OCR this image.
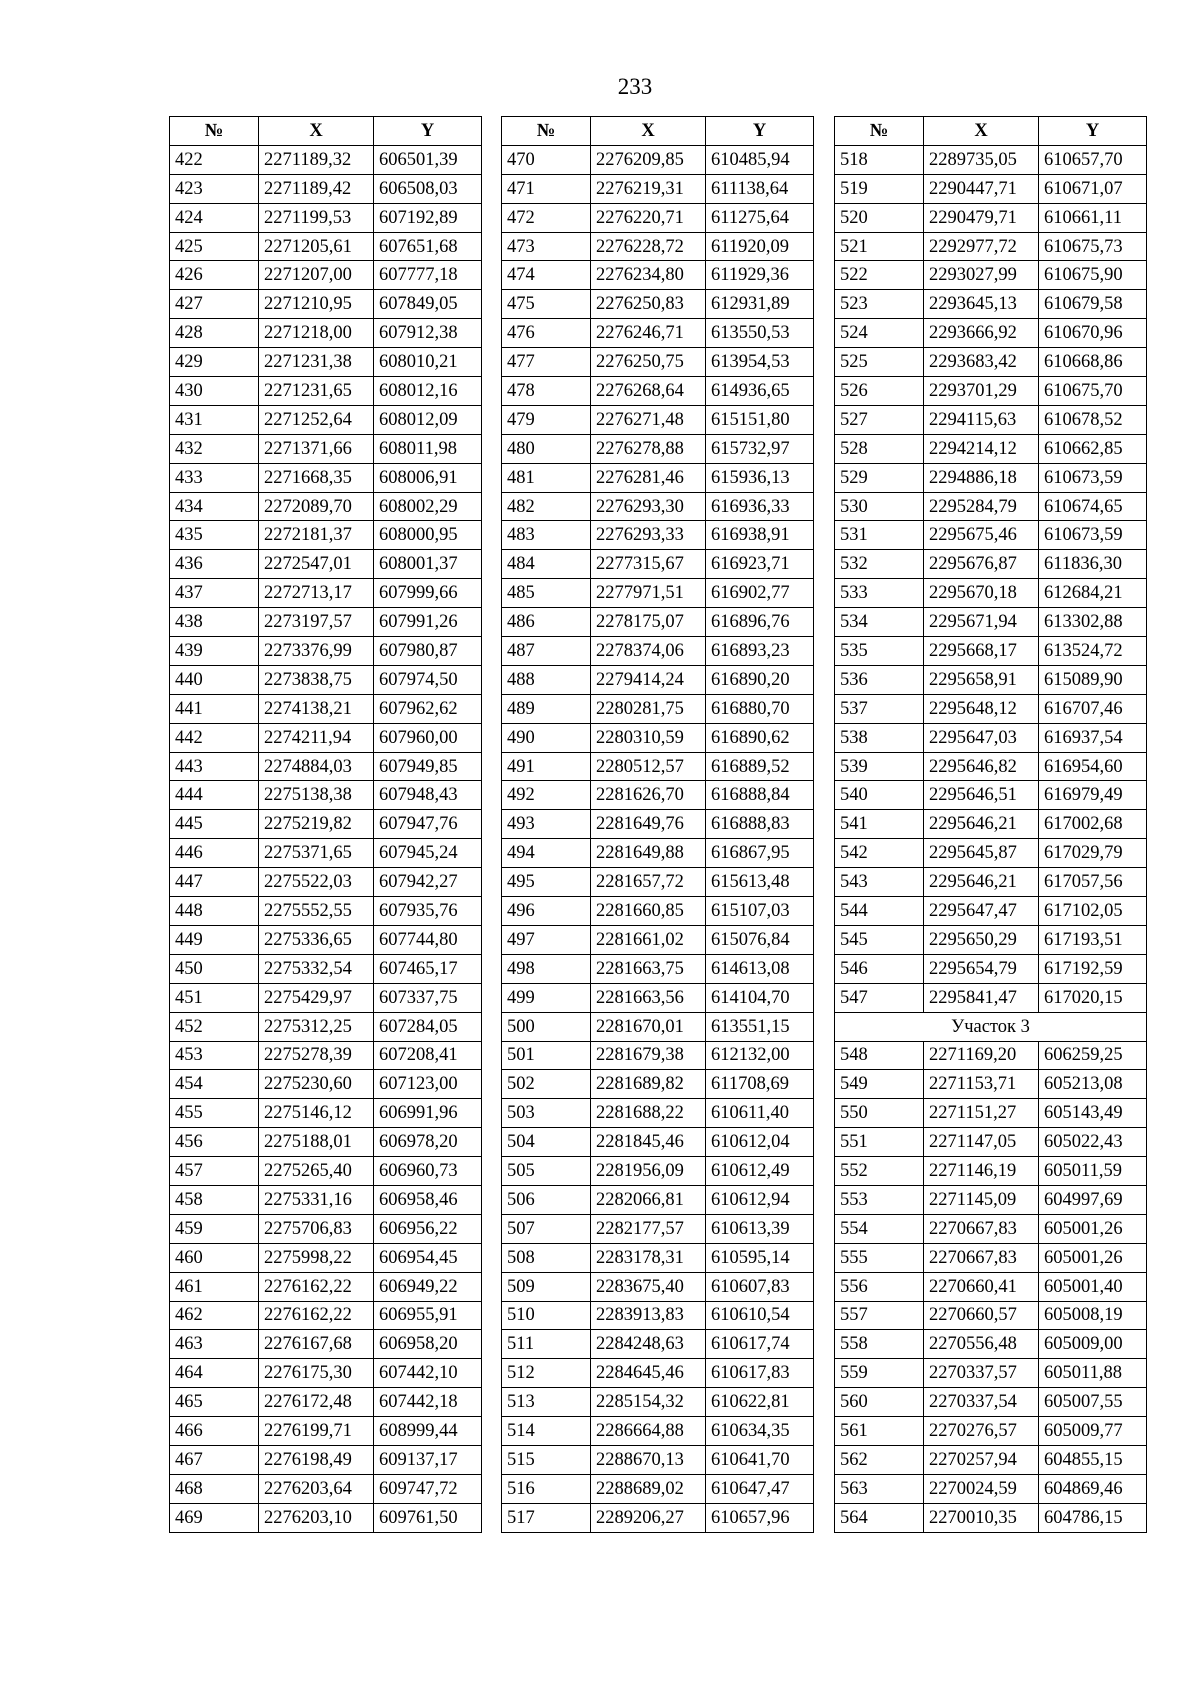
233
№	X	Y
422	2271189,32	606501,39
423	2271189,42	606508,03
424	2271199,53	607192,89
425	2271205,61	607651,68
426	2271207,00	607777,18
427	2271210,95	607849,05
428	2271218,00	607912,38
429	2271231,38	608010,21
430	2271231,65	608012,16
431	2271252,64	608012,09
432	2271371,66	608011,98
433	2271668,35	608006,91
434	2272089,70	608002,29
435	2272181,37	608000,95
436	2272547,01	608001,37
437	2272713,17	607999,66
438	2273197,57	607991,26
439	2273376,99	607980,87
440	2273838,75	607974,50
441	2274138,21	607962,62
442	2274211,94	607960,00
443	2274884,03	607949,85
444	2275138,38	607948,43
445	2275219,82	607947,76
446	2275371,65	607945,24
447	2275522,03	607942,27
448	2275552,55	607935,76
449	2275336,65	607744,80
450	2275332,54	607465,17
451	2275429,97	607337,75
452	2275312,25	607284,05
453	2275278,39	607208,41
454	2275230,60	607123,00
455	2275146,12	606991,96
456	2275188,01	606978,20
457	2275265,40	606960,73
458	2275331,16	606958,46
459	2275706,83	606956,22
460	2275998,22	606954,45
461	2276162,22	606949,22
462	2276162,22	606955,91
463	2276167,68	606958,20
464	2276175,30	607442,10
465	2276172,48	607442,18
466	2276199,71	608999,44
467	2276198,49	609137,17
468	2276203,64	609747,72
469	2276203,10	609761,50
№	X	Y
470	2276209,85	610485,94
471	2276219,31	611138,64
472	2276220,71	611275,64
473	2276228,72	611920,09
474	2276234,80	611929,36
475	2276250,83	612931,89
476	2276246,71	613550,53
477	2276250,75	613954,53
478	2276268,64	614936,65
479	2276271,48	615151,80
480	2276278,88	615732,97
481	2276281,46	615936,13
482	2276293,30	616936,33
483	2276293,33	616938,91
484	2277315,67	616923,71
485	2277971,51	616902,77
486	2278175,07	616896,76
487	2278374,06	616893,23
488	2279414,24	616890,20
489	2280281,75	616880,70
490	2280310,59	616890,62
491	2280512,57	616889,52
492	2281626,70	616888,84
493	2281649,76	616888,83
494	2281649,88	616867,95
495	2281657,72	615613,48
496	2281660,85	615107,03
497	2281661,02	615076,84
498	2281663,75	614613,08
499	2281663,56	614104,70
500	2281670,01	613551,15
501	2281679,38	612132,00
502	2281689,82	611708,69
503	2281688,22	610611,40
504	2281845,46	610612,04
505	2281956,09	610612,49
506	2282066,81	610612,94
507	2282177,57	610613,39
508	2283178,31	610595,14
509	2283675,40	610607,83
510	2283913,83	610610,54
511	2284248,63	610617,74
512	2284645,46	610617,83
513	2285154,32	610622,81
514	2286664,88	610634,35
515	2288670,13	610641,70
516	2288689,02	610647,47
517	2289206,27	610657,96
№	X	Y
518	2289735,05	610657,70
519	2290447,71	610671,07
520	2290479,71	610661,11
521	2292977,72	610675,73
522	2293027,99	610675,90
523	2293645,13	610679,58
524	2293666,92	610670,96
525	2293683,42	610668,86
526	2293701,29	610675,70
527	2294115,63	610678,52
528	2294214,12	610662,85
529	2294886,18	610673,59
530	2295284,79	610674,65
531	2295675,46	610673,59
532	2295676,87	611836,30
533	2295670,18	612684,21
534	2295671,94	613302,88
535	2295668,17	613524,72
536	2295658,91	615089,90
537	2295648,12	616707,46
538	2295647,03	616937,54
539	2295646,82	616954,60
540	2295646,51	616979,49
541	2295646,21	617002,68
542	2295645,87	617029,79
543	2295646,21	617057,56
544	2295647,47	617102,05
545	2295650,29	617193,51
546	2295654,79	617192,59
547	2295841,47	617020,15
Участок 3		
548	2271169,20	606259,25
549	2271153,71	605213,08
550	2271151,27	605143,49
551	2271147,05	605022,43
552	2271146,19	605011,59
553	2271145,09	604997,69
554	2270667,83	605001,26
555	2270667,83	605001,26
556	2270660,41	605001,40
557	2270660,57	605008,19
558	2270556,48	605009,00
559	2270337,57	605011,88
560	2270337,54	605007,55
561	2270276,57	605009,77
562	2270257,94	604855,15
563	2270024,59	604869,46
564	2270010,35	604786,15
